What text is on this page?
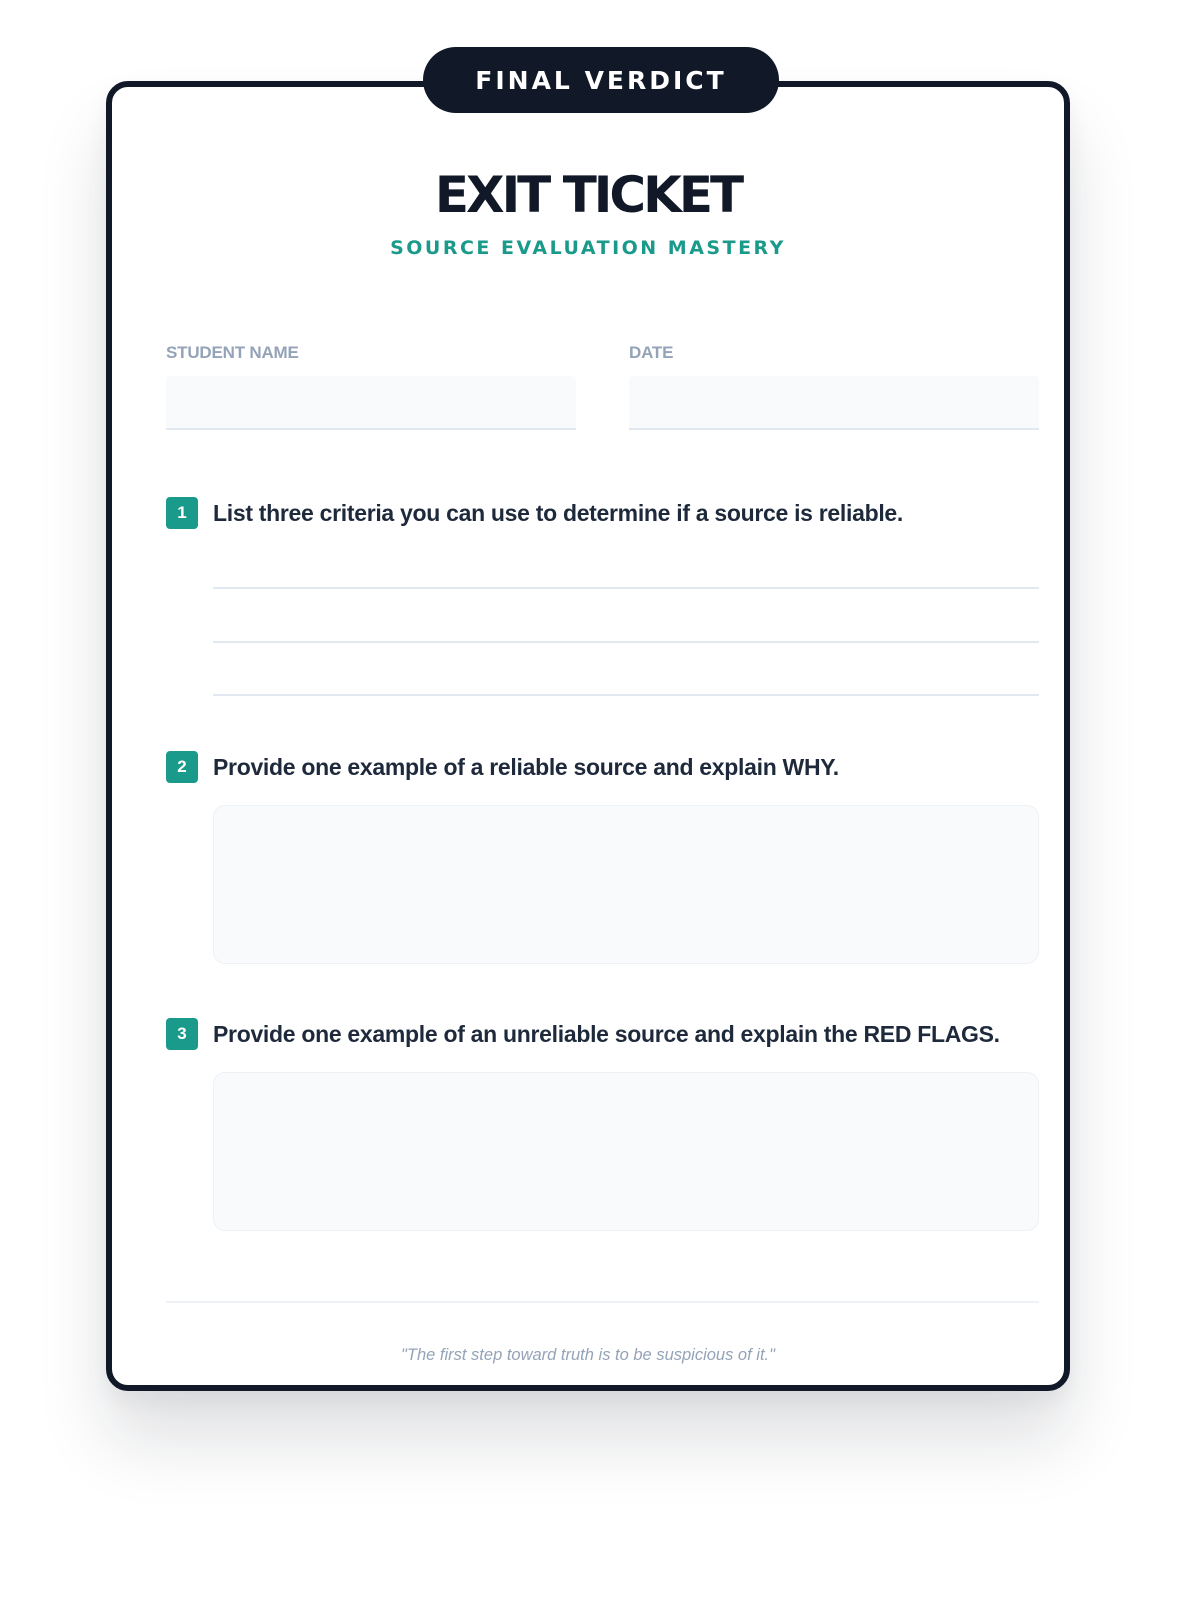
FINAL VERDICT
EXIT TICKET
SOURCE EVALUATION MASTERY
STUDENT NAME	DATE
1	List three criteria you can use to determine if a source is reliable.
2	Provide one example of a reliable source and explain WHY.
3	Provide one example of an unreliable source and explain the RED FLAGS.
"The first step toward truth is to be suspicious of it."
